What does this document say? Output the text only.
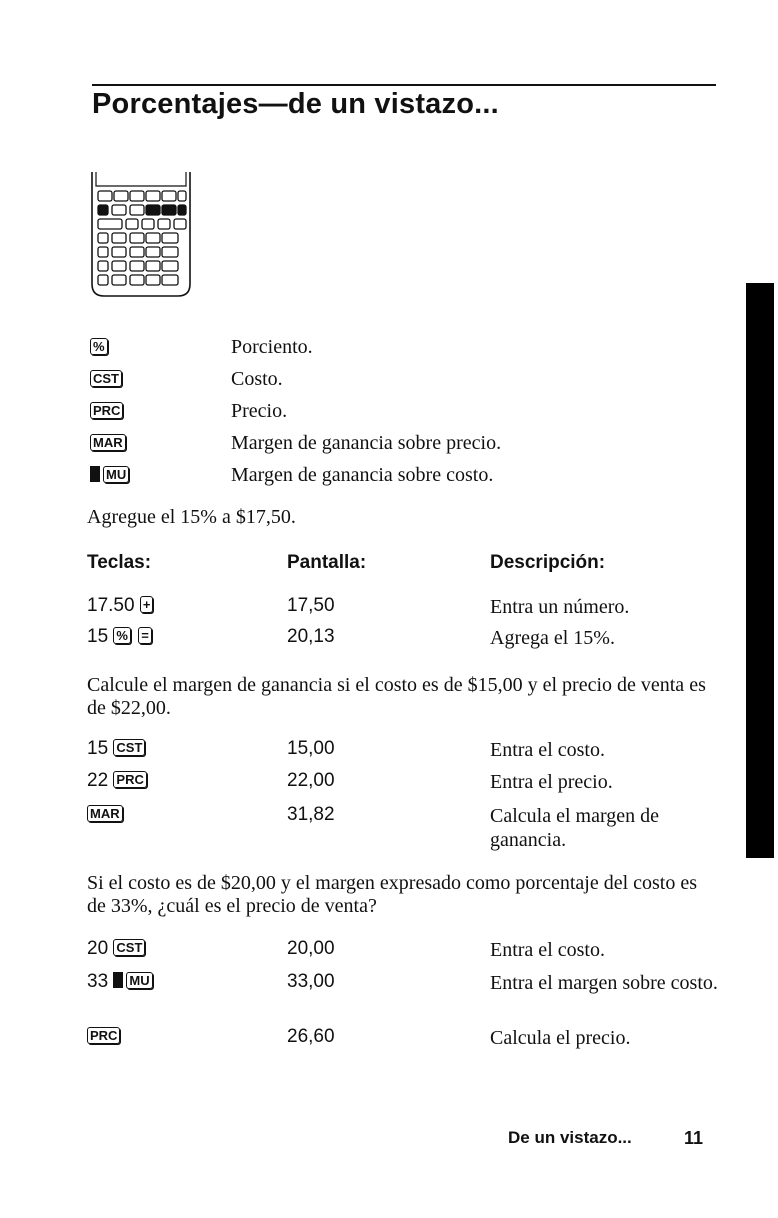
Porcentajes—de un vistazo...
%	Porciento.
CST	Costo.
PRC	Precio.
MAR	Margen de ganancia sobre precio.
MU	Margen de ganancia sobre costo.
Agregue el 15% a $17,50.
Teclas:	Pantalla:	Descripción:
17.50 +	17,50	Entra un número.
15 % =	20,13	Agrega el 15%.
Calcule el margen de ganancia si el costo es de $15,00 y el precio de venta es de $22,00.
15 CST	15,00	Entra el costo.
22 PRC	22,00	Entra el precio.
MAR	31,82	Calcula el margen de ganancia.
Si el costo es de $20,00 y el margen expresado como porcentaje del costo es de 33%, ¿cuál es el precio de venta?
20 CST	20,00	Entra el costo.
33 MU	33,00	Entra el margen sobre costo.
PRC	26,60	Calcula el precio.
De un vistazo...	11
